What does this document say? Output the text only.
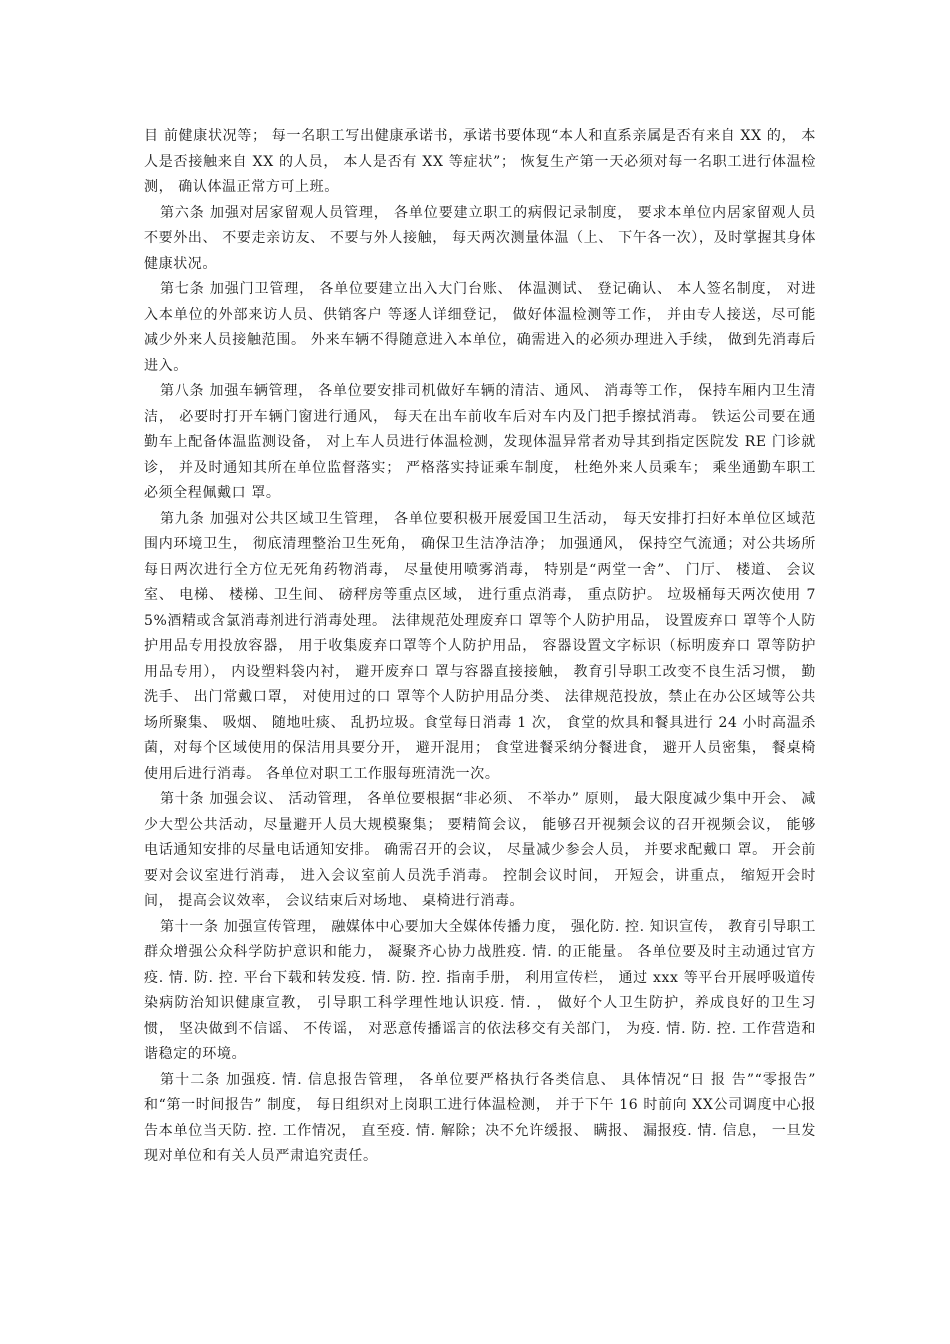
目 前健康状况等； 每一名职工写出健康承诺书，承诺书要体现“本人和直系亲属是否有来自 XX 的， 本人是否接触来自 XX 的人员， 本人是否有 XX 等症状”； 恢复生产第一天必须对每一名职工进行体温检测， 确认体温正常方可上班。

第六条 加强对居家留观人员管理， 各单位要建立职工的病假记录制度， 要求本单位内居家留观人员不要外出、 不要走亲访友、 不要与外人接触， 每天两次测量体温（上、 下午各一次），及时掌握其身体健康状况。

第七条 加强门卫管理， 各单位要建立出入大门台账、 体温测试、 登记确认、 本人签名制度， 对进入本单位的外部来访人员、供销客户 等逐人详细登记， 做好体温检测等工作， 并由专人接送，尽可能减少外来人员接触范围。 外来车辆不得随意进入本单位，确需进入的必须办理进入手续， 做到先消毒后进入。

第八条 加强车辆管理， 各单位要安排司机做好车辆的清洁、通风、 消毒等工作， 保持车厢内卫生清洁， 必要时打开车辆门窗进行通风， 每天在出车前收车后对车内及门把手擦拭消毒。 铁运公司要在通勤车上配备体温监测设备， 对上车人员进行体温检测，发现体温异常者劝导其到指定医院发 RE 门诊就诊， 并及时通知其所在单位监督落实； 严格落实持证乘车制度， 杜绝外来人员乘车； 乘坐通勤车职工必须全程佩戴口 罩。

第九条 加强对公共区域卫生管理， 各单位要积极开展爱国卫生活动， 每天安排打扫好本单位区域范围内环境卫生， 彻底清理整治卫生死角， 确保卫生洁净洁净； 加强通风， 保持空气流通；对公共场所每日两次进行全方位无死角药物消毒， 尽量使用喷雾消毒， 特别是“两堂一舍”、 门厅、 楼道、 会议室、 电梯、 楼梯、卫生间、 磅秤房等重点区域， 进行重点消毒， 重点防护。 垃圾桶每天两次使用 75%酒精或含氯消毒剂进行消毒处理。 法律规范处理废弃口 罩等个人防护用品， 设置废弃口 罩等个人防护用品专用投放容器， 用于收集废弃口罩等个人防护用品， 容器设置文字标识（标明废弃口 罩等防护用品专用）， 内设塑料袋内衬， 避开废弃口 罩与容器直接接触， 教育引导职工改变不良生活习惯， 勤洗手、 出门常戴口罩， 对使用过的口 罩等个人防护用品分类、 法律规范投放，禁止在办公区域等公共场所聚集、 吸烟、 随地吐痰、 乱扔垃圾。食堂每日消毒 1 次， 食堂的炊具和餐具进行 24 小时高温杀菌，对每个区域使用的保洁用具要分开， 避开混用； 食堂进餐采纳分餐进食， 避开人员密集， 餐桌椅使用后进行消毒。 各单位对职工工作服每班清洗一次。

第十条 加强会议、 活动管理， 各单位要根据“非必须、 不举办” 原则， 最大限度减少集中开会、 减少大型公共活动，尽量避开人员大规模聚集； 要精简会议， 能够召开视频会议的召开视频会议， 能够电话通知安排的尽量电话通知安排。 确需召开的会议， 尽量减少参会人员， 并要求配戴口 罩。 开会前要对会议室进行消毒， 进入会议室前人员洗手消毒。 控制会议时间， 开短会，讲重点， 缩短开会时间， 提高会议效率， 会议结束后对场地、 桌椅进行消毒。

第十一条 加强宣传管理， 融媒体中心要加大全媒体传播力度， 强化防. 控. 知识宣传， 教育引导职工群众增强公众科学防护意识和能力， 凝聚齐心协力战胜疫. 情. 的正能量。 各单位要及时主动通过官方疫. 情. 防. 控. 平台下载和转发疫. 情. 防. 控. 指南手册， 利用宣传栏， 通过 xxx 等平台开展呼吸道传染病防治知识健康宣教， 引导职工科学理性地认识疫. 情. ， 做好个人卫生防护，养成良好的卫生习惯， 坚决做到不信谣、 不传谣， 对恶意传播谣言的依法移交有关部门， 为疫. 情. 防. 控. 工作营造和谐稳定的环境。

第十二条 加强疫. 情. 信息报告管理， 各单位要严格执行各类信息、 具体情况“日 报 告”“零报告” 和“第一时间报告” 制度， 每日组织对上岗职工进行体温检测， 并于下午 16 时前向 XX公司调度中心报告本单位当天防. 控. 工作情况， 直至疫. 情. 解除；决不允许缓报、 瞒报、 漏报疫. 情. 信息， 一旦发现对单位和有关人员严肃追究责任。
